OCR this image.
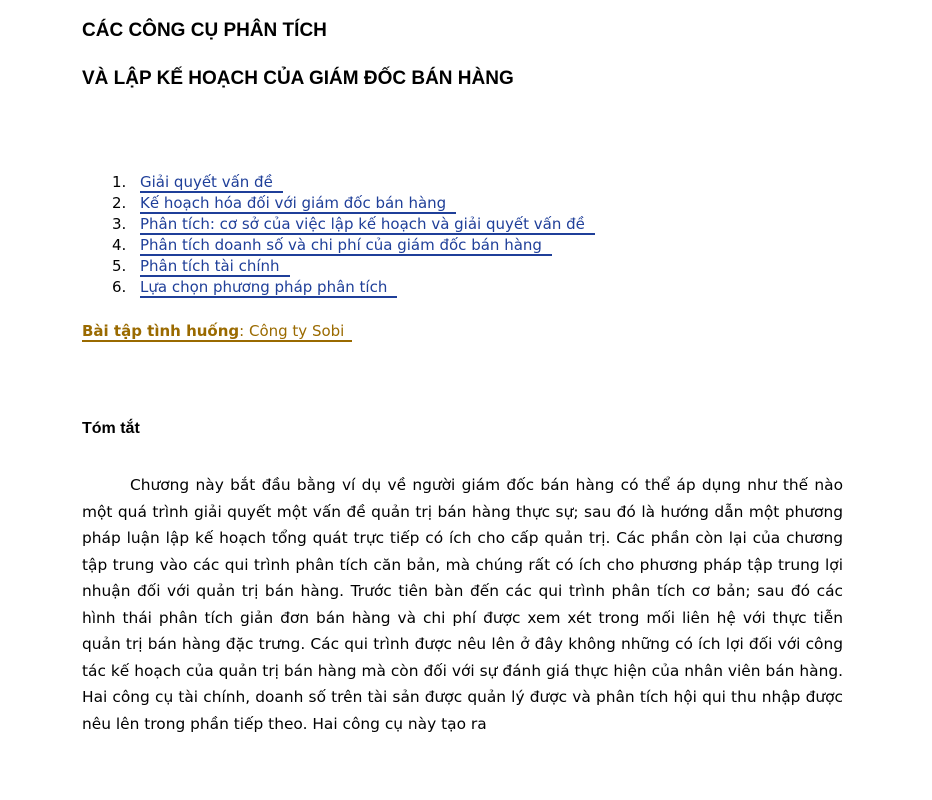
CÁC CÔNG CỤ PHÂN TÍCH
VÀ LẬP KẾ HOẠCH CỦA GIÁM ĐỐC BÁN HÀNG
1. Giải quyết vấn đề
2. Kế hoạch hóa đối với giám đốc bán hàng
3. Phân tích: cơ sở của việc lập kế hoạch và giải quyết vấn đề
4. Phân tích doanh số và chi phí của giám đốc bán hàng
5. Phân tích tài chính
6. Lựa chọn phương pháp phân tích
Bài tập tình huống: Công ty Sobi
Tóm tắt

Chương này bắt đầu bằng ví dụ về người giám đốc bán hàng có thể áp dụng như thế nào một quá trình giải quyết một vấn đề quản trị bán hàng thực sự; sau đó là hướng dẫn một phương pháp luận lập kế hoạch tổng quát trực tiếp có ích cho cấp quản trị. Các phần còn lại của chương tập trung vào các qui trình phân tích căn bản, mà chúng rất có ích cho phương pháp tập trung lợi nhuận đối với quản trị bán hàng. Trước tiên bàn đến các qui trình phân tích cơ bản; sau đó các hình thái phân tích giản đơn bán hàng và chi phí được xem xét trong mối liên hệ với thực tiễn quản trị bán hàng đặc trưng. Các qui trình được nêu lên ở đây không những có ích lợi đối với công tác kế hoạch của quản trị bán hàng mà còn đối với sự đánh giá thực hiện của nhân viên bán hàng. Hai công cụ tài chính, doanh số trên tài sản được quản lý được và phân tích hội qui thu nhập được nêu lên trong phần tiếp theo. Hai công cụ này tạo ra
